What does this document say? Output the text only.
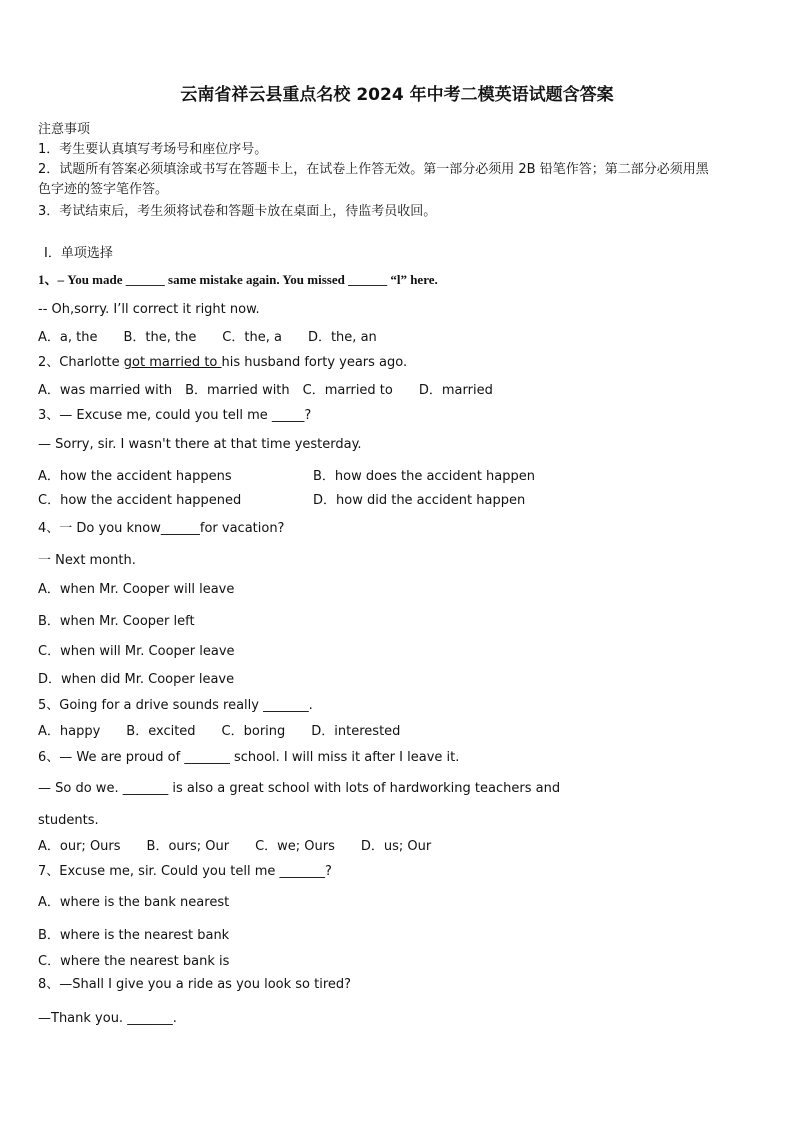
云南省祥云县重点名校 2024 年中考二模英语试题含答案
注意事项
1．考生要认真填写考场号和座位序号。
2．试题所有答案必须填涂或书写在答题卡上，在试卷上作答无效。第一部分必须用 2B 铅笔作答；第二部分必须用黑
色字迹的签字笔作答。
3．考试结束后，考生须将试卷和答题卡放在桌面上，待监考员收回。
Ⅰ．单项选择
1、– You made ______ same mistake again. You missed ______ “l” here.
-- Oh,sorry. I’ll correct it right now.
A．a, the　　B．the, the　　C．the, a　　D．the, an
2、Charlotte got married to his husband forty years ago.
A．was married with　B．married with　C．married to　　D．married
3、— Excuse me, could you tell me _____?
— Sorry, sir. I wasn't there at that time yesterday.
A．how the accident happens	B．how does the accident happen
C．how the accident happened	D．how did the accident happen
4、一 Do you know______for vacation?
一 Next month.
A．when Mr. Cooper will leave
B．when Mr. Cooper left
C．when will Mr. Cooper leave
D．when did Mr. Cooper leave
5、Going for a drive sounds really _______.
A．happy　　B．excited　　C．boring　　D．interested
6、— We are proud of _______ school. I will miss it after I leave it.
— So do we. _______ is also a great school with lots of hardworking teachers and
students.
A．our; Ours　　B．ours; Our　　C．we; Ours　　D．us; Our
7、Excuse me, sir. Could you tell me _______?
A．where is the bank nearest
B．where is the nearest bank
C．where the nearest bank is
8、—Shall I give you a ride as you look so tired?
—Thank you. _______.
